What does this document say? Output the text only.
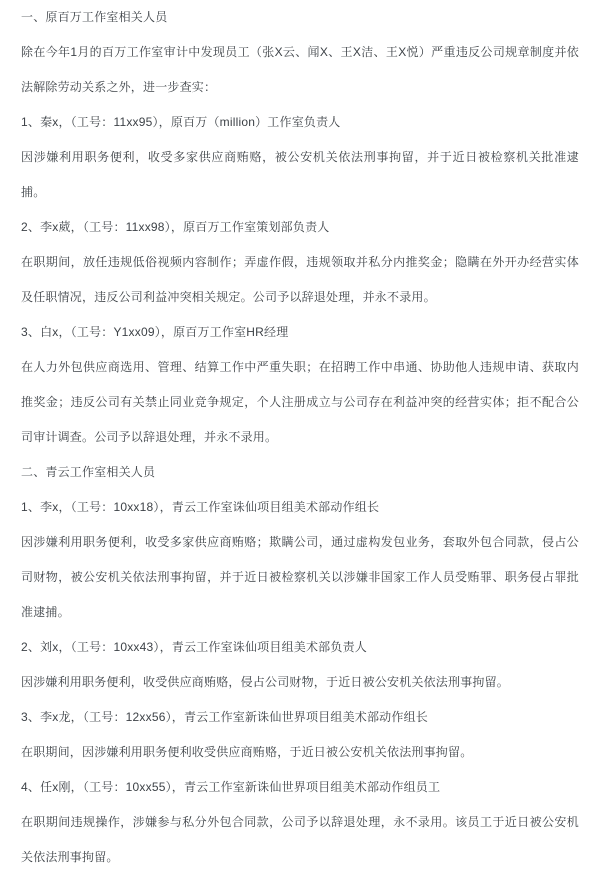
一、原百万工作室相关人员

除在今年1月的百万工作室审计中发现员工（张X云、闻X、王X洁、王X悦）严重违反公司规章制度并依法解除劳动关系之外，进一步查实：

1、秦x，（工号：11xx95），原百万（million）工作室负责人

因涉嫌利用职务便利，收受多家供应商贿赂，被公安机关依法刑事拘留，并于近日被检察机关批准逮捕。

2、李x葳，（工号：11xx98），原百万工作室策划部负责人

在职期间，放任违规低俗视频内容制作；弄虚作假，违规领取并私分内推奖金；隐瞒在外开办经营实体及任职情况，违反公司利益冲突相关规定。公司予以辞退处理，并永不录用。

3、白x，（工号：Y1xx09），原百万工作室HR经理

在人力外包供应商选用、管理、结算工作中严重失职；在招聘工作中串通、协助他人违规申请、获取内推奖金；违反公司有关禁止同业竞争规定，个人注册成立与公司存在利益冲突的经营实体；拒不配合公司审计调查。公司予以辞退处理，并永不录用。

二、青云工作室相关人员

1、李x，（工号：10xx18），青云工作室诛仙项目组美术部动作组长

因涉嫌利用职务便利，收受多家供应商贿赂；欺瞒公司，通过虚构发包业务，套取外包合同款，侵占公司财物，被公安机关依法刑事拘留，并于近日被检察机关以涉嫌非国家工作人员受贿罪、职务侵占罪批准逮捕。

2、刘x，（工号：10xx43），青云工作室诛仙项目组美术部负责人

因涉嫌利用职务便利，收受供应商贿赂，侵占公司财物，于近日被公安机关依法刑事拘留。

3、李x龙，（工号：12xx56），青云工作室新诛仙世界项目组美术部动作组长

在职期间，因涉嫌利用职务便利收受供应商贿赂，于近日被公安机关依法刑事拘留。

4、任x刚，（工号：10xx55），青云工作室新诛仙世界项目组美术部动作组员工

在职期间违规操作，涉嫌参与私分外包合同款，公司予以辞退处理，永不录用。该员工于近日被公安机关依法刑事拘留。
